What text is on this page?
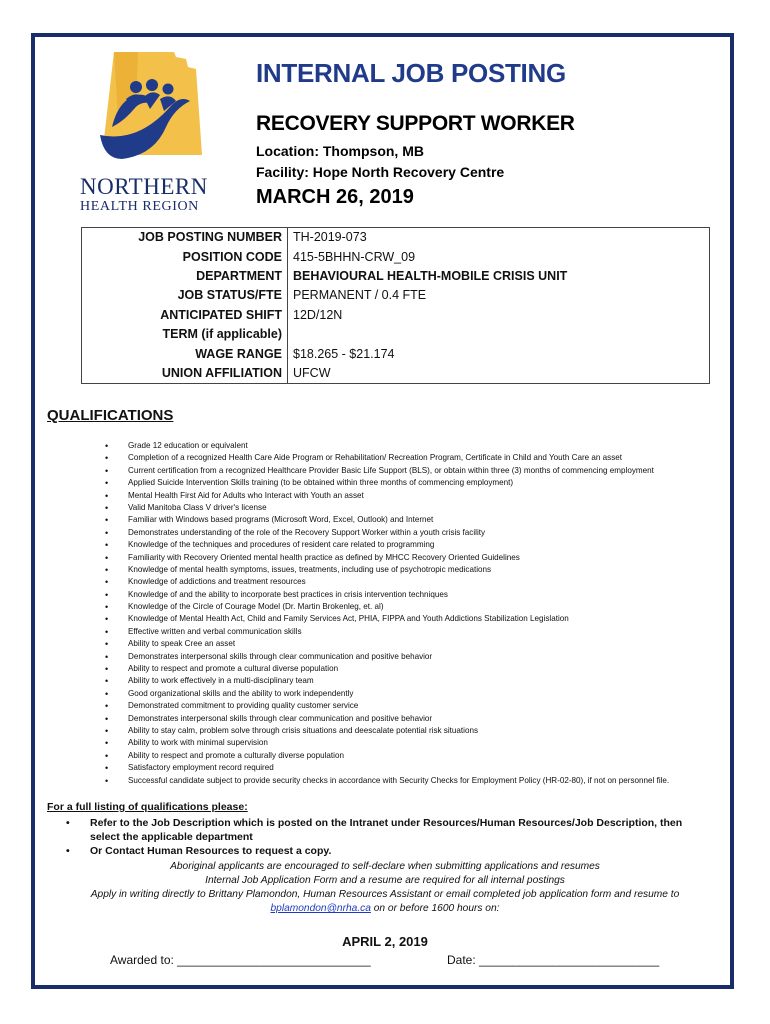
NORTHERN
HEALTH REGION
INTERNAL JOB POSTING
RECOVERY SUPPORT WORKER
Location: Thompson, MB
Facility: Hope North Recovery Centre
MARCH 26, 2019
JOB POSTING NUMBER	TH-2019-073
POSITION CODE	415-5BHHN-CRW_09
DEPARTMENT	BEHAVIOURAL HEALTH-MOBILE CRISIS UNIT
JOB STATUS/FTE	PERMANENT / 0.4 FTE
ANTICIPATED SHIFT	12D/12N
TERM (if applicable)	
WAGE RANGE	$18.265 - $21.174
UNION AFFILIATION	UFCW
QUALIFICATIONS
• Grade 12 education or equivalent
• Completion of a recognized Health Care Aide Program or Rehabilitation/ Recreation Program, Certificate in Child and Youth Care an asset
• Current certification from a recognized Healthcare Provider Basic Life Support (BLS), or obtain within three (3) months of commencing employment
• Applied Suicide Intervention Skills training (to be obtained within three months of commencing employment)
• Mental Health First Aid for Adults who Interact with Youth an asset
• Valid Manitoba Class V driver's license
• Familiar with Windows based programs (Microsoft Word, Excel, Outlook) and Internet
• Demonstrates understanding of the role of the Recovery Support Worker within a youth crisis facility
• Knowledge of the techniques and procedures of resident care related to programming
• Familiarity with Recovery Oriented mental health practice as defined by MHCC Recovery Oriented Guidelines
• Knowledge of mental health symptoms, issues, treatments, including use of psychotropic medications
• Knowledge of addictions and treatment resources
• Knowledge of and the ability to incorporate best practices in crisis intervention techniques
• Knowledge of the Circle of Courage Model (Dr. Martin Brokenleg, et. al)
• Knowledge of Mental Health Act, Child and Family Services Act, PHIA, FIPPA and Youth Addictions Stabilization Legislation
• Effective written and verbal communication skills
• Ability to speak Cree an asset
• Demonstrates interpersonal skills through clear communication and positive behavior
• Ability to respect and promote a cultural diverse population
• Ability to work effectively in a multi-disciplinary team
• Good organizational skills and the ability to work independently
• Demonstrated commitment to providing quality customer service
• Demonstrates interpersonal skills through clear communication and positive behavior
• Ability to stay calm, problem solve through crisis situations and deescalate potential risk situations
• Ability to work with minimal supervision
• Ability to respect and promote a culturally diverse population
• Satisfactory employment record required
• Successful candidate subject to provide security checks in accordance with Security Checks for Employment Policy (HR-02-80), if not on personnel file.
For a full listing of qualifications please:
• Refer to the Job Description which is posted on the Intranet under Resources/Human Resources/Job Description, then select the applicable department
• Or Contact Human Resources to request a copy.
Aboriginal applicants are encouraged to self-declare when submitting applications and resumes
Internal Job Application Form and a resume are required for all internal postings
Apply in writing directly to Brittany Plamondon, Human Resources Assistant or email completed job application form and resume to
bplamondon@nrha.ca on or before 1600 hours on:
APRIL 2, 2019
Awarded to: _____________________________	Date: ___________________________
